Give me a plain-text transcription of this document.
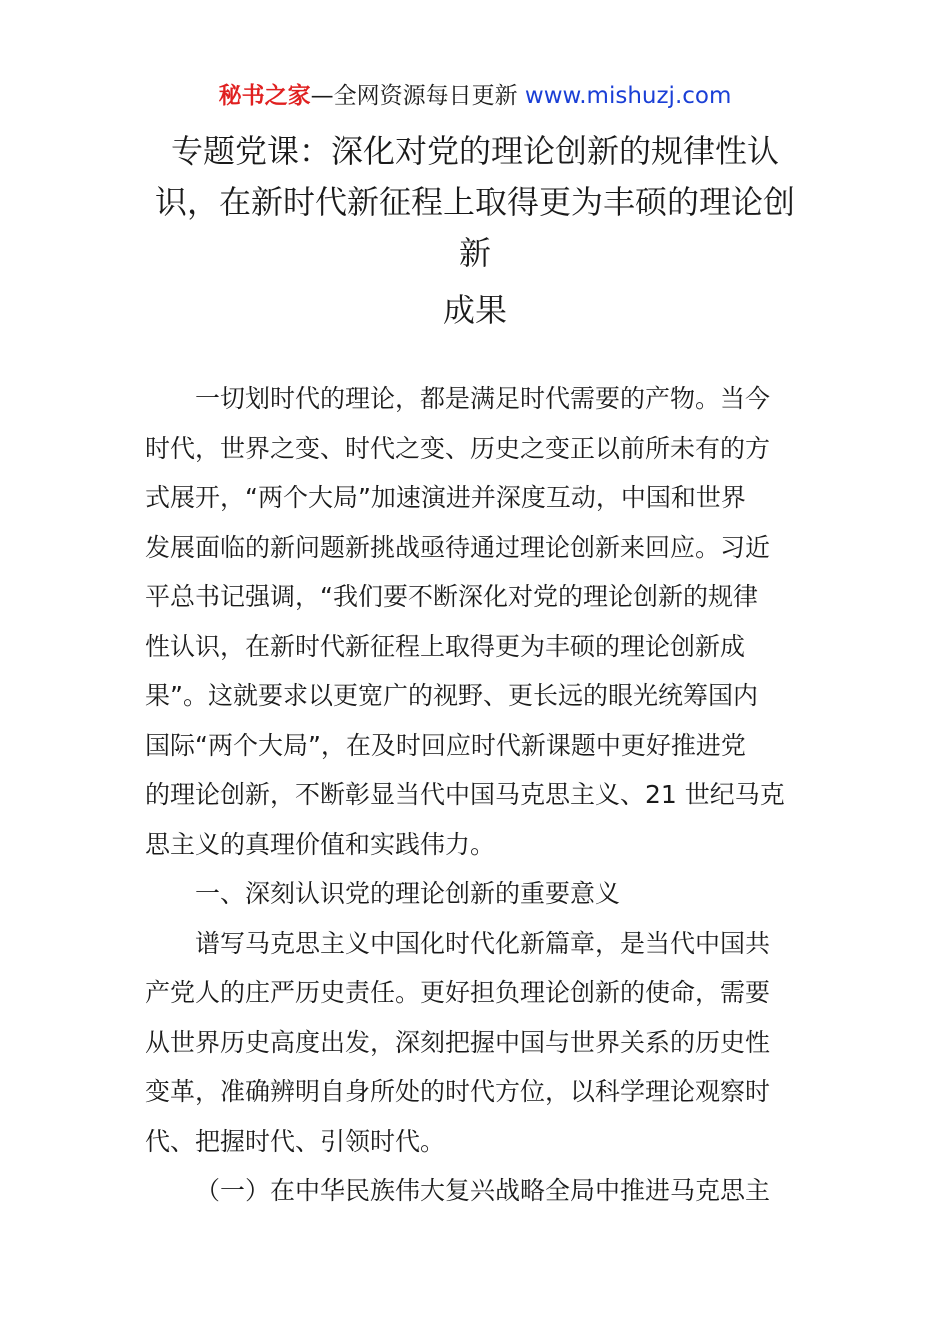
秘书之家—全网资源每日更新 www.mishuzj.com
专题党课：深化对党的理论创新的规律性认
识，在新时代新征程上取得更为丰硕的理论创
新
成果
一切划时代的理论，都是满足时代需要的产物。当今
时代，世界之变、时代之变、历史之变正以前所未有的方
式展开，“两个大局”加速演进并深度互动，中国和世界
发展面临的新问题新挑战亟待通过理论创新来回应。习近
平总书记强调，“我们要不断深化对党的理论创新的规律
性认识，在新时代新征程上取得更为丰硕的理论创新成
果”。这就要求以更宽广的视野、更长远的眼光统筹国内
国际“两个大局”，在及时回应时代新课题中更好推进党
的理论创新，不断彰显当代中国马克思主义、21 世纪马克
思主义的真理价值和实践伟力。
一、深刻认识党的理论创新的重要意义
谱写马克思主义中国化时代化新篇章，是当代中国共
产党人的庄严历史责任。更好担负理论创新的使命，需要
从世界历史高度出发，深刻把握中国与世界关系的历史性
变革，准确辨明自身所处的时代方位，以科学理论观察时
代、把握时代、引领时代。
（一）在中华民族伟大复兴战略全局中推进马克思主
